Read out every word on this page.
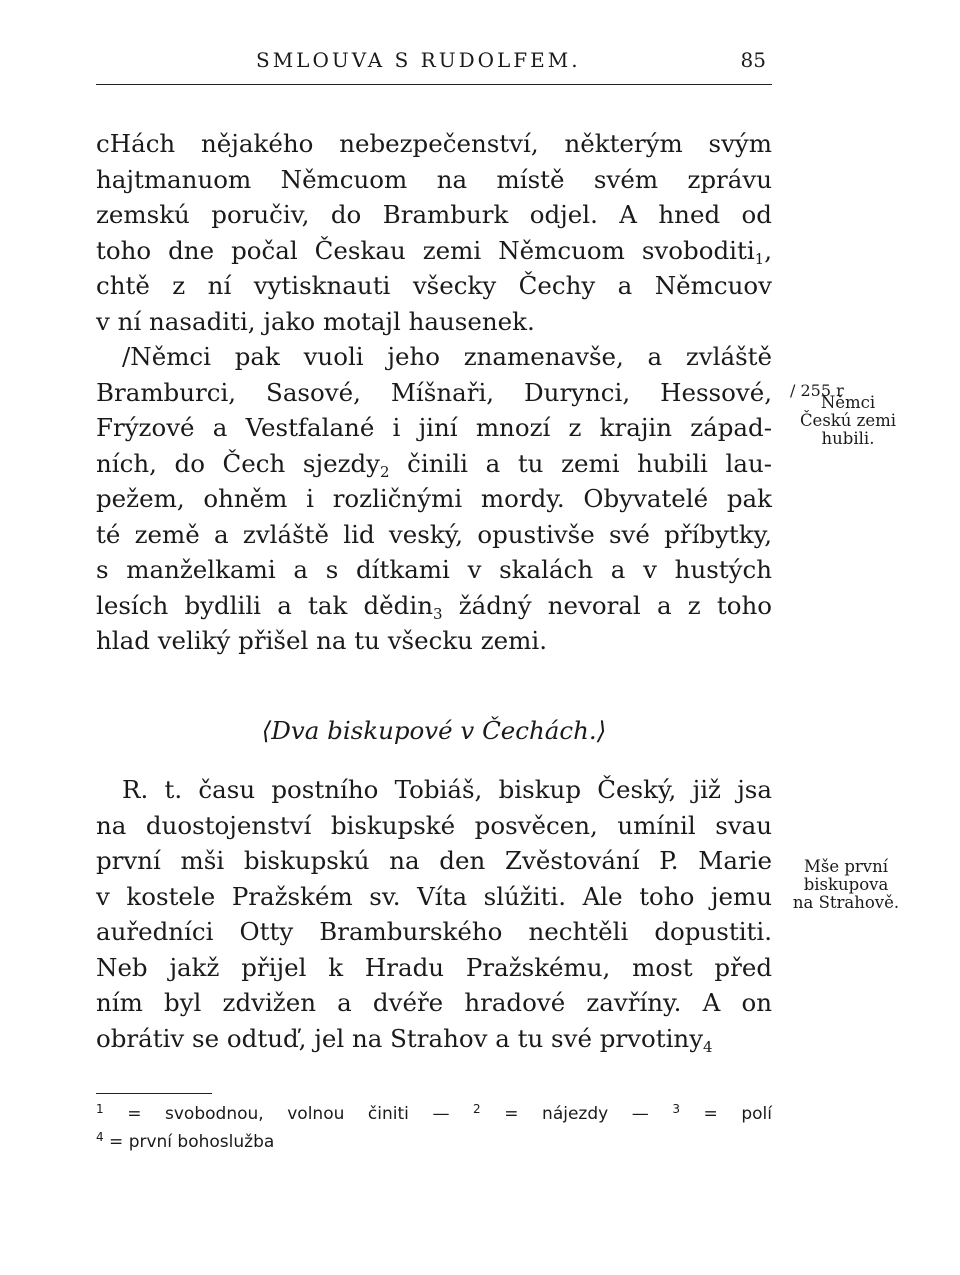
SMLOUVA S RUDOLFEM.	85
cHách nějakého nebezpečenství, některým svým
hajtmanuom Němcuom na místě svém zprávu
zemskú poručiv, do Bramburk odjel. A hned od
toho dne počal Českau zemi Němcuom svoboditi$_1$,
chtě z ní vytisknauti všecky Čechy a Němcuov
v ní nasaditi, jako motajl hausenek.
/Němci pak vuoli jeho znamenavše, a zvláště
Bramburci, Sasové, Míšnaři, Durynci, Hessové,
Frýzové a Vestfalané i jiní mnozí z krajin západ-
ních, do Čech sjezdy$_2$ činili a tu zemi hubili lau-
pežem, ohněm i rozličnými mordy. Obyvatelé pak
té země a zvláště lid veský, opustivše své příbytky,
s manželkami a s dítkami v skalách a v hustých
lesích bydlili a tak dědin$_3$ žádný nevoral a z toho
hlad veliký přišel na tu všecku zemi.
⟨Dva biskupové v Čechách.⟩
R. t. času postního Tobiáš, biskup Český, již jsa
na duostojenství biskupské posvěcen, umínil svau
první mši biskupskú na den Zvěstování P. Marie
v kostele Pražském sv. Víta slúžiti. Ale toho jemu
auředníci Otty Bramburského nechtěli dopustiti.
Neb jakž přijel k Hradu Pražskému, most před
ním byl zdvižen a dvéře hradové zavříny. A on
obrátiv se odtuď, jel na Strahov a tu své prvotiny$_4$
/ 255 r
Němci
Českú zemi
hubili.
Mše první
biskupova
na Strahově.
$^1$ = svobodnou, volnou činiti — $^2$ = nájezdy — $^3$ = polí
$^4$ = první bohoslužba
